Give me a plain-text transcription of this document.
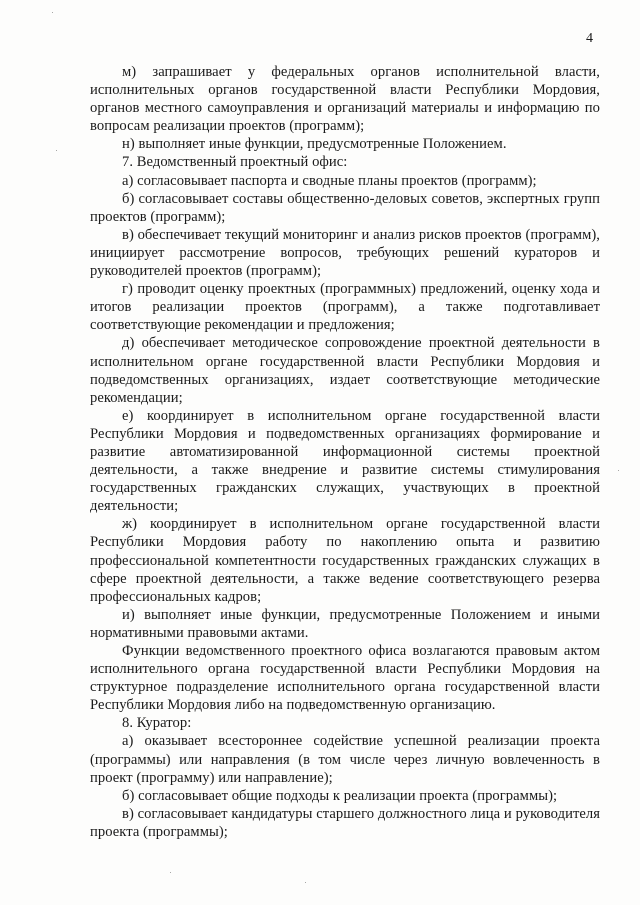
4

м) запрашивает у федеральных органов исполнительной власти, исполнительных органов государственной власти Республики Мордовия, органов местного самоуправления и организаций материалы и информацию по вопросам реализации проектов (программ);

н) выполняет иные функции, предусмотренные Положением.

7. Ведомственный проектный офис:

а) согласовывает паспорта и сводные планы проектов (программ);

б) согласовывает составы общественно-деловых советов, экспертных групп проектов (программ);

в) обеспечивает текущий мониторинг и анализ рисков проектов (программ), инициирует рассмотрение вопросов, требующих решений кураторов и руководителей проектов (программ);

г) проводит оценку проектных (программных) предложений, оценку хода и итогов реализации проектов (программ), а также подготавливает соответствующие рекомендации и предложения;

д) обеспечивает методическое сопровождение проектной деятельности в исполнительном органе государственной власти Республики Мордовия и подведомственных организациях, издает соответствующие методические рекомендации;

е) координирует в исполнительном органе государственной власти Республики Мордовия и подведомственных организациях формирование и развитие автоматизированной информационной системы проектной деятельности, а также внедрение и развитие системы стимулирования государственных гражданских служащих, участвующих в проектной деятельности;

ж) координирует в исполнительном органе государственной власти Республики Мордовия работу по накоплению опыта и развитию профессиональной компетентности государственных гражданских служащих в сфере проектной деятельности, а также ведение соответствующего резерва профессиональных кадров;

и) выполняет иные функции, предусмотренные Положением и иными нормативными правовыми актами.

Функции ведомственного проектного офиса возлагаются правовым актом исполнительного органа государственной власти Республики Мордовия на структурное подразделение исполнительного органа государственной власти Республики Мордовия либо на подведомственную организацию.

8. Куратор:

а) оказывает всестороннее содействие успешной реализации проекта (программы) или направления (в том числе через личную вовлеченность в проект (программу) или направление);

б) согласовывает общие подходы к реализации проекта (программы);

в) согласовывает кандидатуры старшего должностного лица и руководителя проекта (программы);
